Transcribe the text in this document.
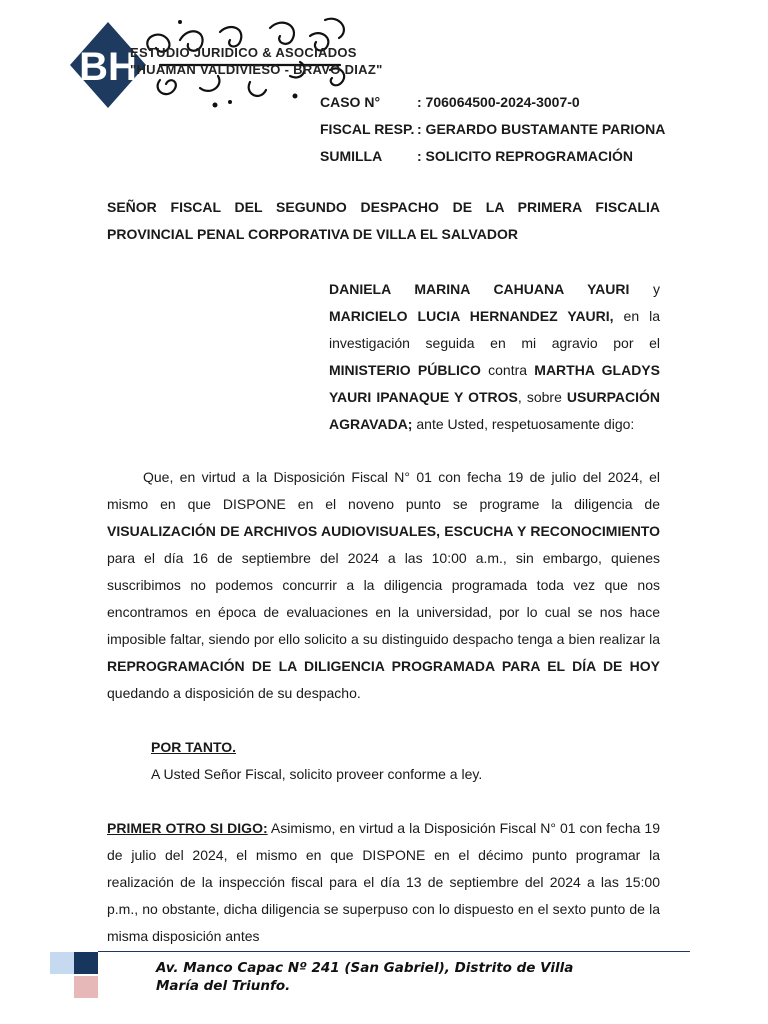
BH
ESTUDIO JURIDICO & ASOCIADOS
"HUAMAN VALDIVIESO - BRAVO DIAZ"
CASO N°	: 706064500-2024-3007-0
FISCAL RESP. : GERARDO BUSTAMANTE PARIONA
SUMILLA	: SOLICITO REPROGRAMACIÓN
SEÑOR FISCAL DEL SEGUNDO DESPACHO DE LA PRIMERA FISCALIA PROVINCIAL PENAL CORPORATIVA DE VILLA EL SALVADOR
DANIELA MARINA CAHUANA YAURI y MARICIELO LUCIA HERNANDEZ YAURI, en la investigación seguida en mi agravio por el MINISTERIO PÚBLICO contra MARTHA GLADYS YAURI IPANAQUE Y OTROS, sobre USURPACIÓN AGRAVADA; ante Usted, respetuosamente digo:
Que, en virtud a la Disposición Fiscal N° 01 con fecha 19 de julio del 2024, el mismo en que DISPONE en el noveno punto se programe la diligencia de VISUALIZACIÓN DE ARCHIVOS AUDIOVISUALES, ESCUCHA Y RECONOCIMIENTO para el día 16 de septiembre del 2024 a las 10:00 a.m., sin embargo, quienes suscribimos no podemos concurrir a la diligencia programada toda vez que nos encontramos en época de evaluaciones en la universidad, por lo cual se nos hace imposible faltar, siendo por ello solicito a su distinguido despacho tenga a bien realizar la REPROGRAMACIÓN DE LA DILIGENCIA PROGRAMADA PARA EL DÍA DE HOY quedando a disposición de su despacho.
POR TANTO.
A Usted Señor Fiscal, solicito proveer conforme a ley.
PRIMER OTRO SI DIGO: Asimismo, en virtud a la Disposición Fiscal N° 01 con fecha 19 de julio del 2024, el mismo en que DISPONE en el décimo punto programar la realización de la inspección fiscal para el día 13 de septiembre del 2024 a las 15:00 p.m., no obstante, dicha diligencia se superpuso con lo dispuesto en el sexto punto de la misma disposición antes
Av. Manco Capac Nº 241 (San Gabriel), Distrito de Villa
María del Triunfo.
